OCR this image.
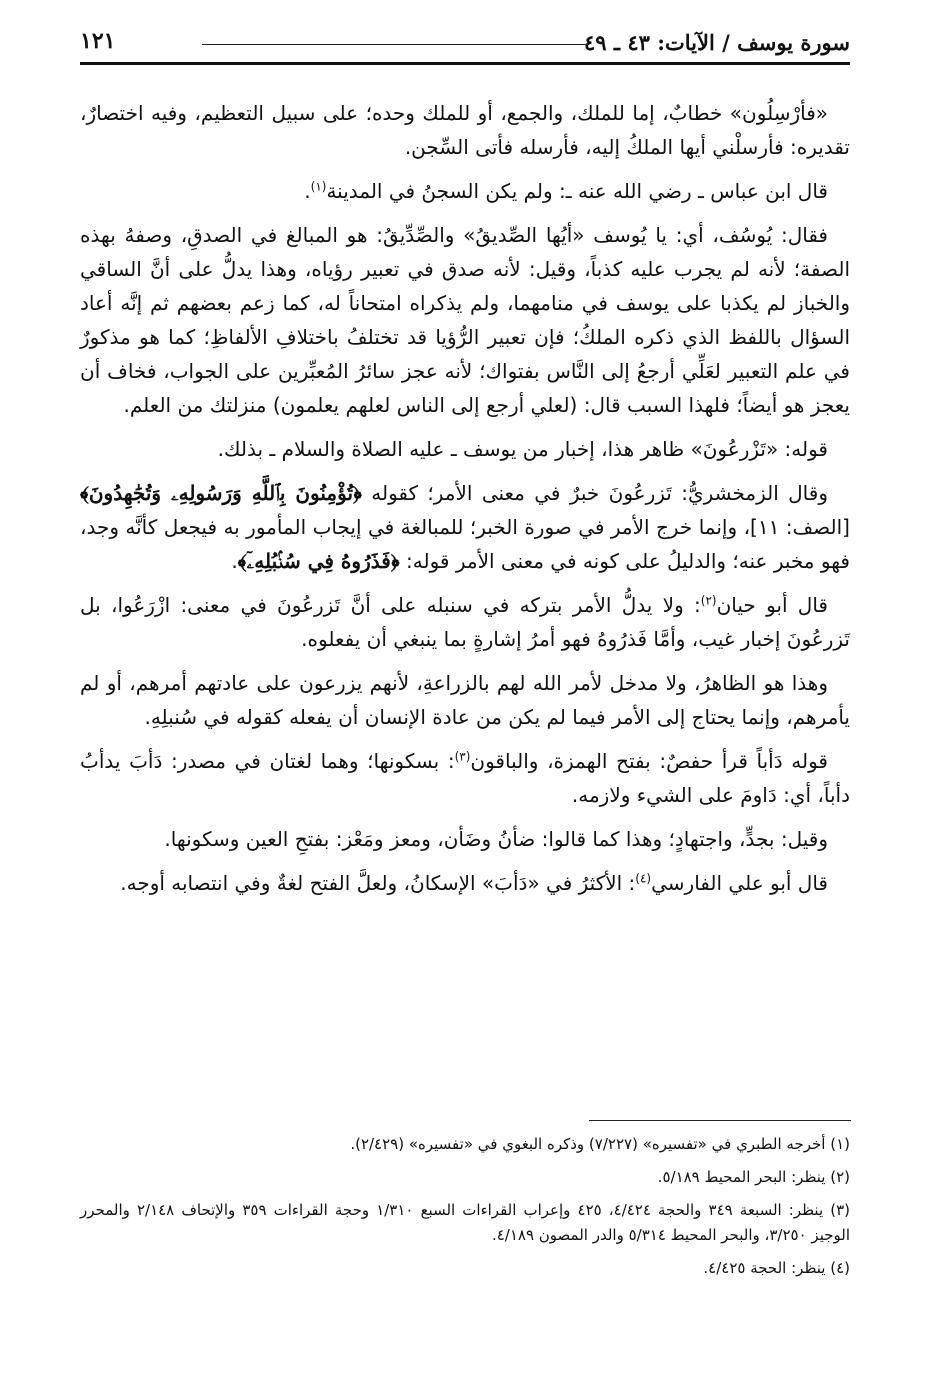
سورة يوسف / الآيات: ٤٣ ـ ٤٩
١٢١

«فأرْسِلُون» خطابٌ، إما للملك، والجمع، أو للملك وحده؛ على سبيل التعظيم، وفيه اختصارٌ، تقديره: فأرسلْني أيها الملكُ إليه، فأرسله فأتى السِّجن.

قال ابن عباس ـ رضي الله عنه ـ: ولم يكن السجنُ في المدينة$^{(١)}$.

فقال: يُوسُف، أي: يا يُوسف «أيُها الصِّديقُ» والصِّدِّيقُ: هو المبالغ في الصدقِ، وصفهُ بهذه الصفة؛ لأنه لم يجرب عليه كذباً، وقيل: لأنه صدق في تعبير رؤياه، وهذا يدلُّ على أنَّ الساقي والخباز لم يكذبا على يوسف في منامهما، ولم يذكراه امتحاناً له، كما زعم بعضهم ثم إنَّه أعاد السؤال باللفظ الذي ذكره الملكُ؛ فإن تعبير الرُّؤيا قد تختلفُ باختلافِ الألفاظِ؛ كما هو مذكورٌ في علم التعبير لعَلِّي أرجعُ إلى النَّاس بفتواك؛ لأنه عجز سائرُ المُعبِّرين على الجواب، فخاف أن يعجز هو أيضاً؛ فلهذا السبب قال: (لعلي أرجع إلى الناس لعلهم يعلمون) منزلتك من العلم.

قوله: «تَزْرعُونَ» ظاهر هذا، إخبار من يوسف ـ عليه الصلاة والسلام ـ بذلك.

وقال الزمخشريُّ: تَزرعُونَ خبرٌ في معنى الأمر؛ كقوله ﴿تُؤْمِنُونَ بِٱللَّهِ وَرَسُولِهِۦ وَتُجَٰهِدُونَ﴾ [الصف: ١١]، وإنما خرج الأمر في صورة الخبر؛ للمبالغة في إيجاب المأمور به فيجعل كأنَّه وجد، فهو مخبر عنه؛ والدليلُ على كونه في معنى الأمر قوله: ﴿فَذَرُوهُ فِي سُنۢبُلِهِۦٓ﴾.

قال أبو حيان$^{(٢)}$: ولا يدلُّ الأمر بتركه في سنبله على أنَّ تَزرعُونَ في معنى: ازْرَعُوا، بل تَزرعُونَ إخبار غيب، وأمَّا فَذرُوهُ فهو أمرُ إشارةٍ بما ينبغي أن يفعلوه.

وهذا هو الظاهرُ، ولا مدخل لأمر الله لهم بالزراعةِ، لأنهم يزرعون على عادتهم أمرهم، أو لم يأمرهم، وإنما يحتاج إلى الأمر فيما لم يكن من عادة الإنسان أن يفعله كقوله في سُنبلِهِ.

قوله دَأباً قرأ حفصٌ: بفتح الهمزة، والباقون$^{(٣)}$: بسكونها؛ وهما لغتان في مصدر: دَأبَ يدأبُ دأباً، أي: دَاومَ على الشيء ولازمه.

وقيل: بجدٍّ، واجتهادٍ؛ وهذا كما قالوا: ضأنُ وضَأن، ومعز ومَعْز: بفتحِ العين وسكونها.

قال أبو علي الفارسي$^{(٤)}$: الأكثرُ في «دَأبَ» الإسكانُ، ولعلَّ الفتح لغةٌ وفي انتصابه أوجه.

(١) أخرجه الطبري في «تفسيره» (٧/٢٢٧) وذكره البغوي في «تفسيره» (٢/٤٢٩).

(٢) ينظر: البحر المحيط ٥/١٨٩.

(٣) ينظر: السبعة ٣٤٩ والحجة ٤/٤٢٤، ٤٢٥ وإعراب القراءات السبع ١/٣١٠ وحجة القراءات ٣٥٩ والإتحاف ٢/١٤٨ والمحرر الوجيز ٣/٢٥٠، والبحر المحيط ٥/٣١٤ والدر المصون ٤/١٨٩.

(٤) ينظر: الحجة ٤/٤٢٥.
